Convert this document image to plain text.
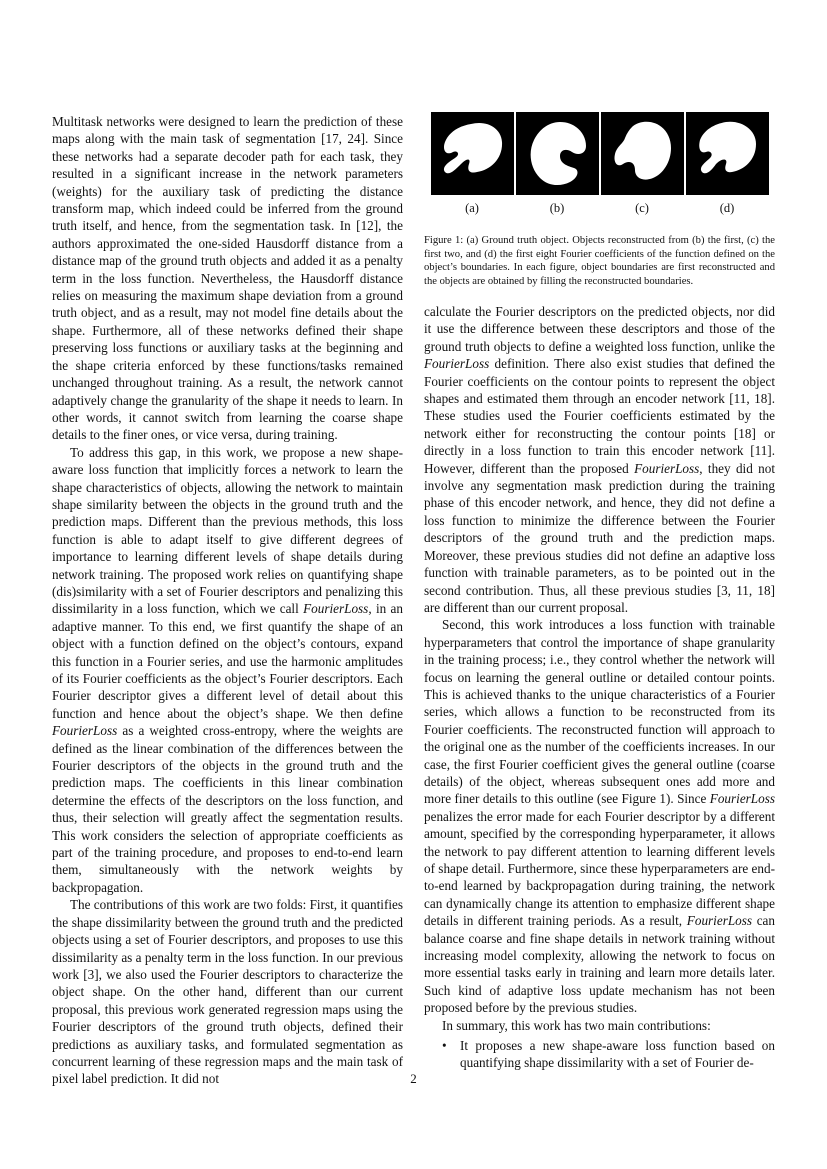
Multitask networks were designed to learn the prediction of these maps along with the main task of segmentation [17, 24]. Since these networks had a separate decoder path for each task, they resulted in a significant increase in the network parameters (weights) for the auxiliary task of predicting the distance transform map, which indeed could be inferred from the ground truth itself, and hence, from the segmentation task. In [12], the authors approximated the one-sided Hausdorff distance from a distance map of the ground truth objects and added it as a penalty term in the loss function. Nevertheless, the Hausdorff distance relies on measuring the maximum shape deviation from a ground truth object, and as a result, may not model fine details about the shape. Furthermore, all of these networks defined their shape preserving loss functions or auxiliary tasks at the beginning and the shape criteria enforced by these functions/tasks remained unchanged throughout training. As a result, the network cannot adaptively change the granularity of the shape it needs to learn. In other words, it cannot switch from learning the coarse shape details to the finer ones, or vice versa, during training.

To address this gap, in this work, we propose a new shape-aware loss function that implicitly forces a network to learn the shape characteristics of objects, allowing the network to maintain shape similarity between the objects in the ground truth and the prediction maps. Different than the previous methods, this loss function is able to adapt itself to give different degrees of importance to learning different levels of shape details during network training. The proposed work relies on quantifying shape (dis)similarity with a set of Fourier descriptors and penalizing this dissimilarity in a loss function, which we call FourierLoss, in an adaptive manner. To this end, we first quantify the shape of an object with a function defined on the object’s contours, expand this function in a Fourier series, and use the harmonic amplitudes of its Fourier coefficients as the object’s Fourier descriptors. Each Fourier descriptor gives a different level of detail about this function and hence about the object’s shape. We then define FourierLoss as a weighted cross-entropy, where the weights are defined as the linear combination of the differences between the Fourier descriptors of the objects in the ground truth and the prediction maps. The coefficients in this linear combination determine the effects of the descriptors on the loss function, and thus, their selection will greatly affect the segmentation results. This work considers the selection of appropriate coefficients as part of the training procedure, and proposes to end-to-end learn them, simultaneously with the network weights by backpropagation.

The contributions of this work are two folds: First, it quantifies the shape dissimilarity between the ground truth and the predicted objects using a set of Fourier descriptors, and proposes to use this dissimilarity as a penalty term in the loss function. In our previous work [3], we also used the Fourier descriptors to characterize the object shape. On the other hand, different than our current proposal, this previous work generated regression maps using the Fourier descriptors of the ground truth objects, defined their predictions as auxiliary tasks, and formulated segmentation as concurrent learning of these regression maps and the main task of pixel label prediction. It did not

(a)	(b)	(c)	(d)
Figure 1: (a) Ground truth object. Objects reconstructed from (b) the first, (c) the first two, and (d) the first eight Fourier coefficients of the function defined on the object’s boundaries. In each figure, object boundaries are first reconstructed and the objects are obtained by filling the reconstructed boundaries.

calculate the Fourier descriptors on the predicted objects, nor did it use the difference between these descriptors and those of the ground truth objects to define a weighted loss function, unlike the FourierLoss definition. There also exist studies that defined the Fourier coefficients on the contour points to represent the object shapes and estimated them through an encoder network [11, 18]. These studies used the Fourier coefficients estimated by the network either for reconstructing the contour points [18] or directly in a loss function to train this encoder network [11]. However, different than the proposed FourierLoss, they did not involve any segmentation mask prediction during the training phase of this encoder network, and hence, they did not define a loss function to minimize the difference between the Fourier descriptors of the ground truth and the prediction maps. Moreover, these previous studies did not define an adaptive loss function with trainable parameters, as to be pointed out in the second contribution. Thus, all these previous studies [3, 11, 18] are different than our current proposal.

Second, this work introduces a loss function with trainable hyperparameters that control the importance of shape granularity in the training process; i.e., they control whether the network will focus on learning the general outline or detailed contour points. This is achieved thanks to the unique characteristics of a Fourier series, which allows a function to be reconstructed from its Fourier coefficients. The reconstructed function will approach to the original one as the number of the coefficients increases. In our case, the first Fourier coefficient gives the general outline (coarse details) of the object, whereas subsequent ones add more and more finer details to this outline (see Figure 1). Since FourierLoss penalizes the error made for each Fourier descriptor by a different amount, specified by the corresponding hyperparameter, it allows the network to pay different attention to learning different levels of shape detail. Furthermore, since these hyperparameters are end-to-end learned by backpropagation during training, the network can dynamically change its attention to emphasize different shape details in different training periods. As a result, FourierLoss can balance coarse and fine shape details in network training without increasing model complexity, allowing the network to focus on more essential tasks early in training and learn more details later. Such kind of adaptive loss update mechanism has not been proposed before by the previous studies.

In summary, this work has two main contributions:

• It proposes a new shape-aware loss function based on quantifying shape dissimilarity with a set of Fourier de-
2
